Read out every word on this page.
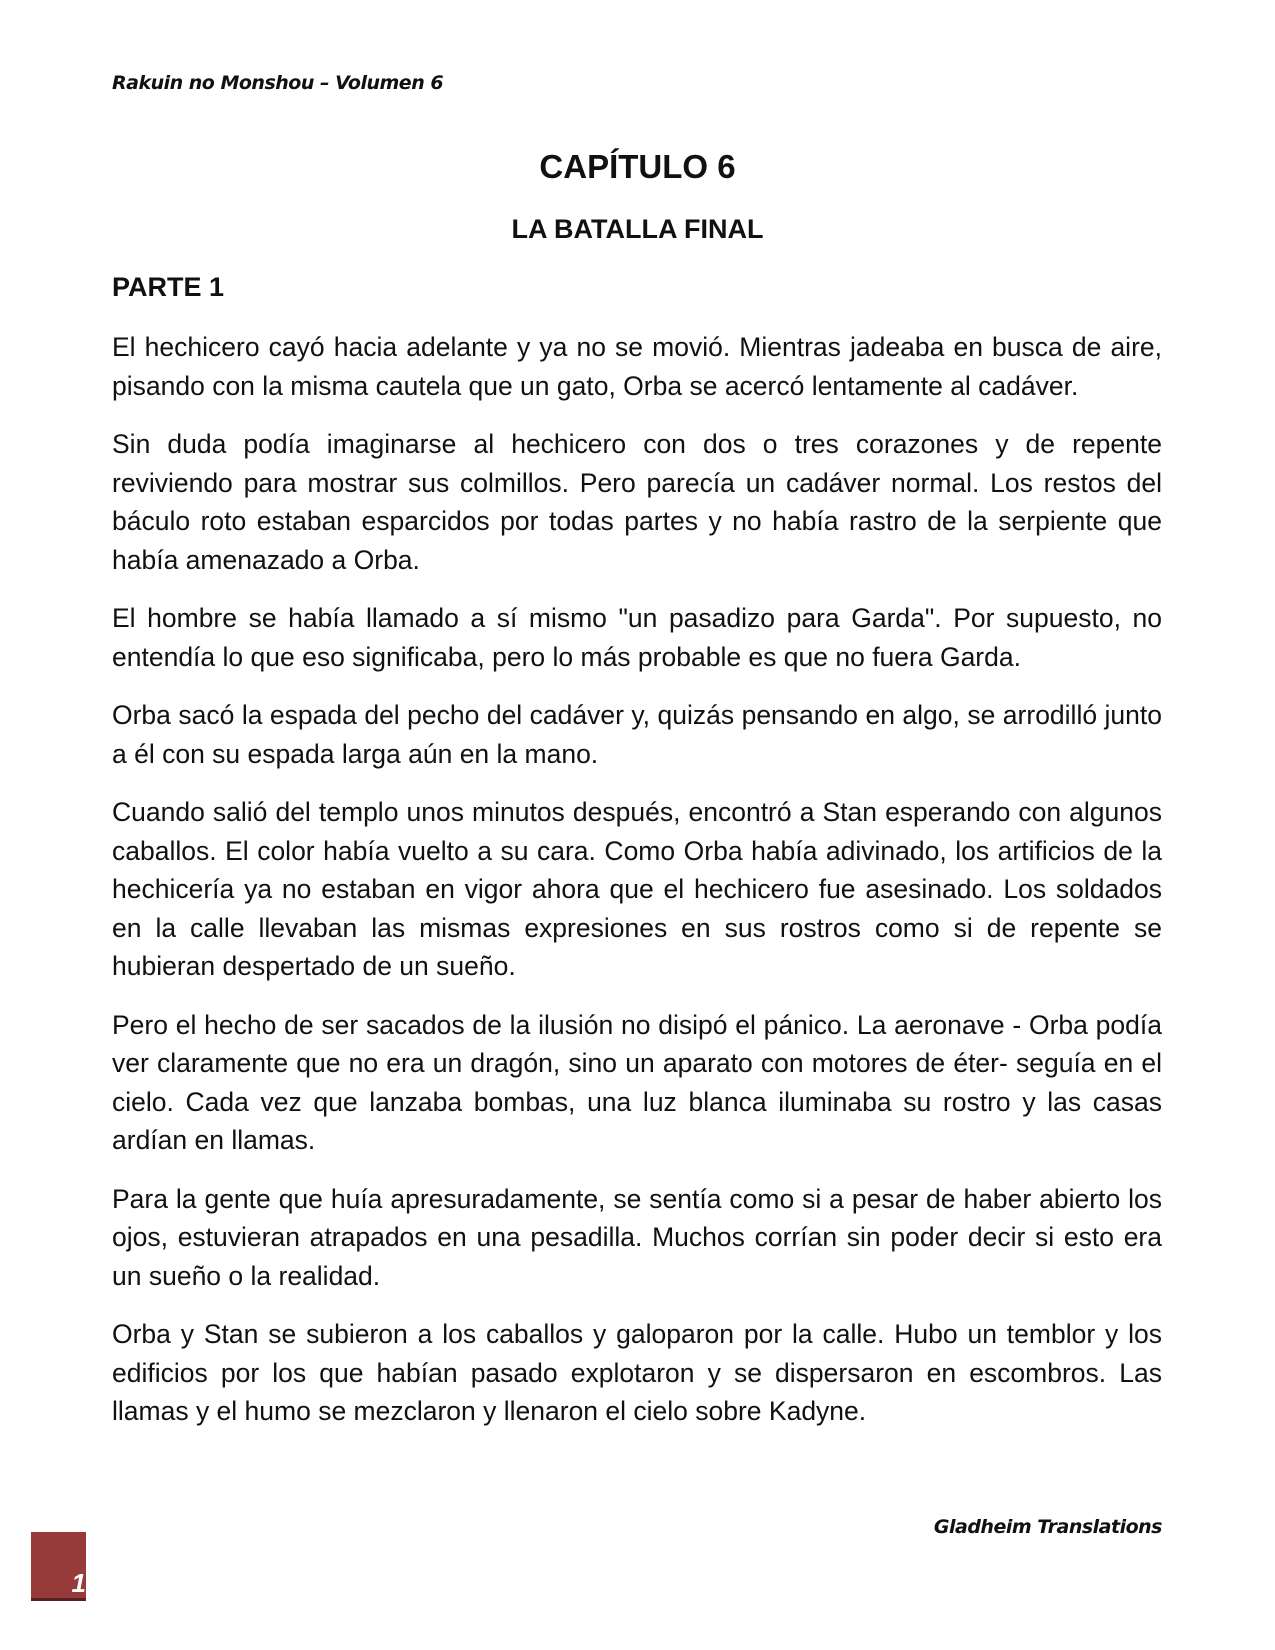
Rakuin no Monshou – Volumen 6
CAPÍTULO 6
LA BATALLA FINAL
PARTE 1

El hechicero cayó hacia adelante y ya no se movió. Mientras jadeaba en busca de aire, pisando con la misma cautela que un gato, Orba se acercó lentamente al cadáver.

Sin duda podía imaginarse al hechicero con dos o tres corazones y de repente reviviendo para mostrar sus colmillos. Pero parecía un cadáver normal. Los restos del báculo roto estaban esparcidos por todas partes y no había rastro de la serpiente que había amenazado a Orba.

El hombre se había llamado a sí mismo "un pasadizo para Garda". Por supuesto, no entendía lo que eso significaba, pero lo más probable es que no fuera Garda.

Orba sacó la espada del pecho del cadáver y, quizás pensando en algo, se arrodilló junto a él con su espada larga aún en la mano.

Cuando salió del templo unos minutos después, encontró a Stan esperando con algunos caballos. El color había vuelto a su cara. Como Orba había adivinado, los artificios de la hechicería ya no estaban en vigor ahora que el hechicero fue asesinado. Los soldados en la calle llevaban las mismas expresiones en sus rostros como si de repente se hubieran despertado de un sueño.

Pero el hecho de ser sacados de la ilusión no disipó el pánico. La aeronave - Orba podía ver claramente que no era un dragón, sino un aparato con motores de éter- seguía en el cielo. Cada vez que lanzaba bombas, una luz blanca iluminaba su rostro y las casas ardían en llamas.

Para la gente que huía apresuradamente, se sentía como si a pesar de haber abierto los ojos, estuvieran atrapados en una pesadilla. Muchos corrían sin poder decir si esto era un sueño o la realidad.

Orba y Stan se subieron a los caballos y galoparon por la calle. Hubo un temblor y los edificios por los que habían pasado explotaron y se dispersaron en escombros. Las llamas y el humo se mezclaron y llenaron el cielo sobre Kadyne.

Gladheim Translations
1
